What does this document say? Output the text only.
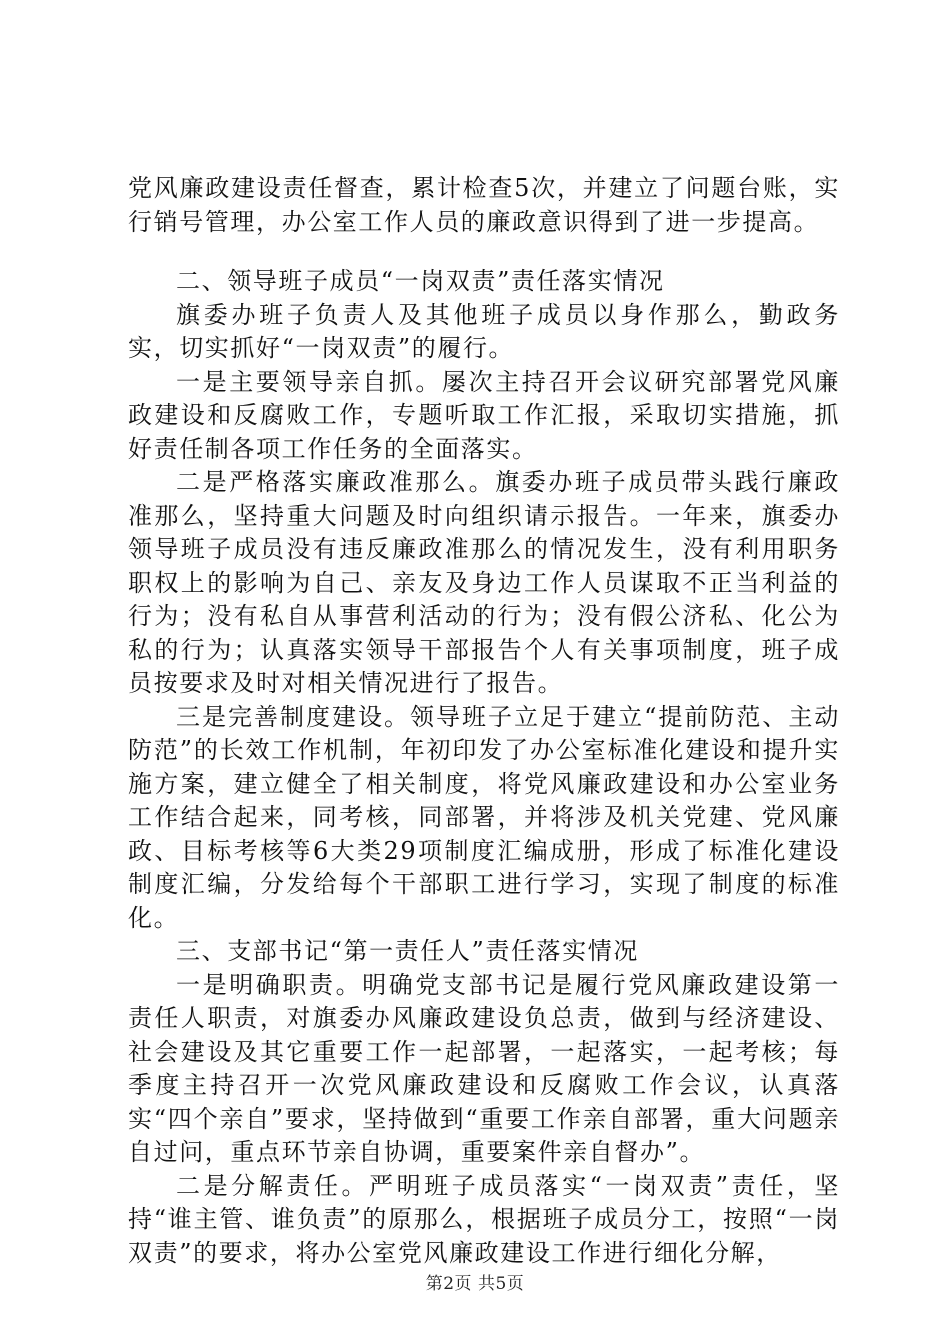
党风廉政建设责任督查，累计检查5次，并建立了问题台账，实行销号管理，办公室工作人员的廉政意识得到了进一步提高。

二、领导班子成员“一岗双责”责任落实情况

旗委办班子负责人及其他班子成员以身作那么，勤政务实，切实抓好“一岗双责”的履行。

一是主要领导亲自抓。屡次主持召开会议研究部署党风廉政建设和反腐败工作，专题听取工作汇报，采取切实措施，抓好责任制各项工作任务的全面落实。

二是严格落实廉政准那么。旗委办班子成员带头践行廉政准那么，坚持重大问题及时向组织请示报告。一年来，旗委办领导班子成员没有违反廉政准那么的情况发生，没有利用职务职权上的影响为自己、亲友及身边工作人员谋取不正当利益的行为；没有私自从事营利活动的行为；没有假公济私、化公为私的行为；认真落实领导干部报告个人有关事项制度，班子成员按要求及时对相关情况进行了报告。

三是完善制度建设。领导班子立足于建立“提前防范、主动防范”的长效工作机制，年初印发了办公室标准化建设和提升实施方案，建立健全了相关制度，将党风廉政建设和办公室业务工作结合起来，同考核，同部署，并将涉及机关党建、党风廉政、目标考核等6大类29项制度汇编成册，形成了标准化建设制度汇编，分发给每个干部职工进行学习，实现了制度的标准化。

三、支部书记“第一责任人”责任落实情况

一是明确职责。明确党支部书记是履行党风廉政建设第一责任人职责，对旗委办风廉政建设负总责，做到与经济建设、社会建设及其它重要工作一起部署，一起落实，一起考核；每季度主持召开一次党风廉政建设和反腐败工作会议，认真落实“四个亲自”要求，坚持做到“重要工作亲自部署，重大问题亲自过问，重点环节亲自协调，重要案件亲自督办”。

二是分解责任。严明班子成员落实“一岗双责”责任，坚持“谁主管、谁负责”的原那么，根据班子成员分工，按照“一岗双责”的要求，将办公室党风廉政建设工作进行细化分解，

第2页 共5页
